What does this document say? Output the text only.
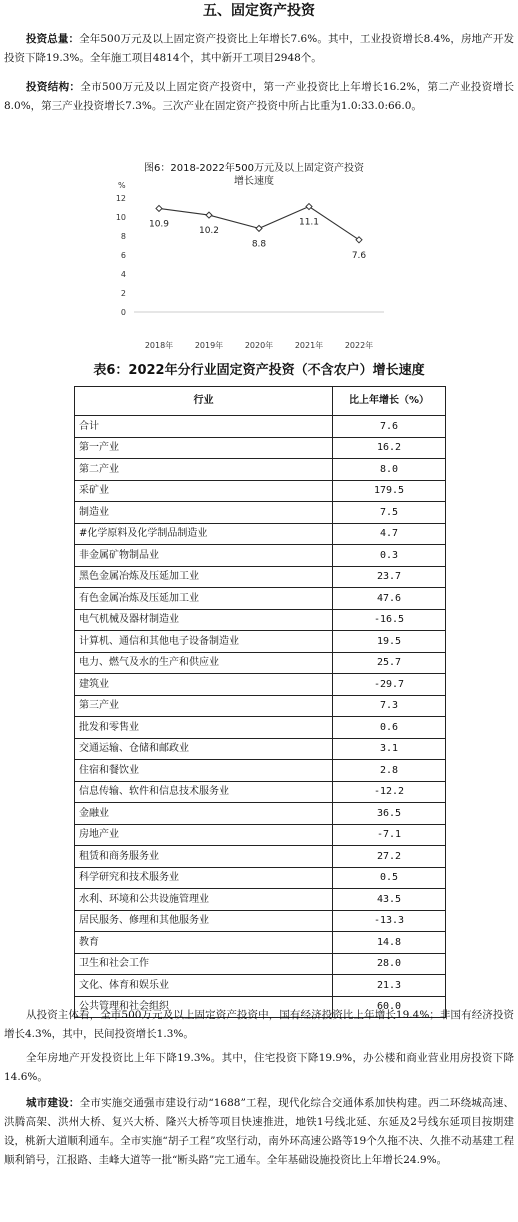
五、固定资产投资

投资总量：全年500万元及以上固定资产投资比上年增长7.6%。其中，工业投资增长8.4%，房地产开发投资下降19.3%。全年施工项目4814个，其中新开工项目2948个。

投资结构：全市500万元及以上固定资产投资中，第一产业投资比上年增长16.2%，第二产业投资增长8.0%，第三产业投资增长7.3%。三次产业在固定资产投资中所占比重为1.0:33.0:66.0。

图6：2018-2022年500万元及以上固定资产投资
增长速度
%
0
2
4
6
8
10
12
2018年	2019年	2020年	2021年	2022年
10.9
10.2
8.8
11.1
7.6
表6：2022年分行业固定资产投资（不含农户）增长速度
行业	比上年增长（%）
合计	7.6
第一产业	16.2
第二产业	8.0
采矿业	179.5
制造业	7.5
#化学原料及化学制品制造业	4.7
非金属矿物制品业	0.3
黑色金属冶炼及压延加工业	23.7
有色金属冶炼及压延加工业	47.6
电气机械及器材制造业	-16.5
计算机、通信和其他电子设备制造业	19.5
电力、燃气及水的生产和供应业	25.7
建筑业	-29.7
第三产业	7.3
批发和零售业	0.6
交通运输、仓储和邮政业	3.1
住宿和餐饮业	2.8
信息传输、软件和信息技术服务业	-12.2
金融业	36.5
房地产业	-7.1
租赁和商务服务业	27.2
科学研究和技术服务业	0.5
水利、环境和公共设施管理业	43.5
居民服务、修理和其他服务业	-13.3
教育	14.8
卫生和社会工作	28.0
文化、体育和娱乐业	21.3
公共管理和社会组织	60.0

从投资主体看，全市500万元及以上固定资产投资中，国有经济投资比上年增长19.4%；非国有经济投资增长4.3%，其中，民间投资增长1.3%。

全年房地产开发投资比上年下降19.3%。其中，住宅投资下降19.9%，办公楼和商业营业用房投资下降14.6%。

城市建设：全市实施交通强市建设行动“1688”工程，现代化综合交通体系加快构建。西二环绕城高速、洪腾高架、洪州大桥、复兴大桥、隆兴大桥等项目快速推进，地铁1号线北延、东延及2号线东延项目按期建设，桃新大道顺利通车。全市实施“胡子工程”攻坚行动，南外环高速公路等19个久拖不决、久推不动基建工程顺利销号，江报路、圭峰大道等一批“断头路”完工通车。全年基础设施投资比上年增长24.9%。
